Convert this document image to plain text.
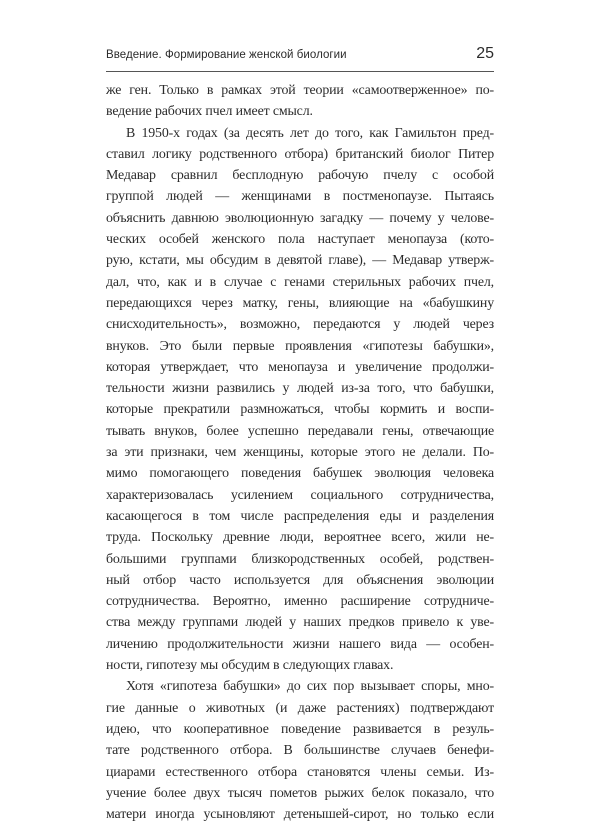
Введение. Формирование женской биологии	25
же ген. Только в рамках этой теории «самоотверженное» по-
ведение рабочих пчел имеет смысл.
В 1950-х годах (за десять лет до того, как Гамильтон пред-
ставил логику родственного отбора) британский биолог Питер
Медавар сравнил бесплодную рабочую пчелу с особой
группой людей — женщинами в постменопаузе. Пытаясь
объяснить давнюю эволюционную загадку — почему у челове-
ческих особей женского пола наступает менопауза (кото-
рую, кстати, мы обсудим в девятой главе), — Медавар утверж-
дал, что, как и в случае с генами стерильных рабочих пчел,
передающихся через матку, гены, влияющие на «бабушкину
снисходительность», возможно, передаются у людей через
внуков. Это были первые проявления «гипотезы бабушки»,
которая утверждает, что менопауза и увеличение продолжи-
тельности жизни развились у людей из-за того, что бабушки,
которые прекратили размножаться, чтобы кормить и воспи-
тывать внуков, более успешно передавали гены, отвечающие
за эти признаки, чем женщины, которые этого не делали. По-
мимо помогающего поведения бабушек эволюция человека
характеризовалась усилением социального сотрудничества,
касающегося в том числе распределения еды и разделения
труда. Поскольку древние люди, вероятнее всего, жили не-
большими группами близкородственных особей, родствен-
ный отбор часто используется для объяснения эволюции
сотрудничества. Вероятно, именно расширение сотрудниче-
ства между группами людей у наших предков привело к уве-
личению продолжительности жизни нашего вида — особен-
ности, гипотезу мы обсудим в следующих главах.
Хотя «гипотеза бабушки» до сих пор вызывает споры, мно-
гие данные о животных (и даже растениях) подтверждают
идею, что кооперативное поведение развивается в резуль-
тате родственного отбора. В большинстве случаев бенефи-
циарами естественного отбора становятся члены семьи. Из-
учение более двух тысяч пометов рыжих белок показало, что
матери иногда усыновляют детенышей-сирот, но только если
